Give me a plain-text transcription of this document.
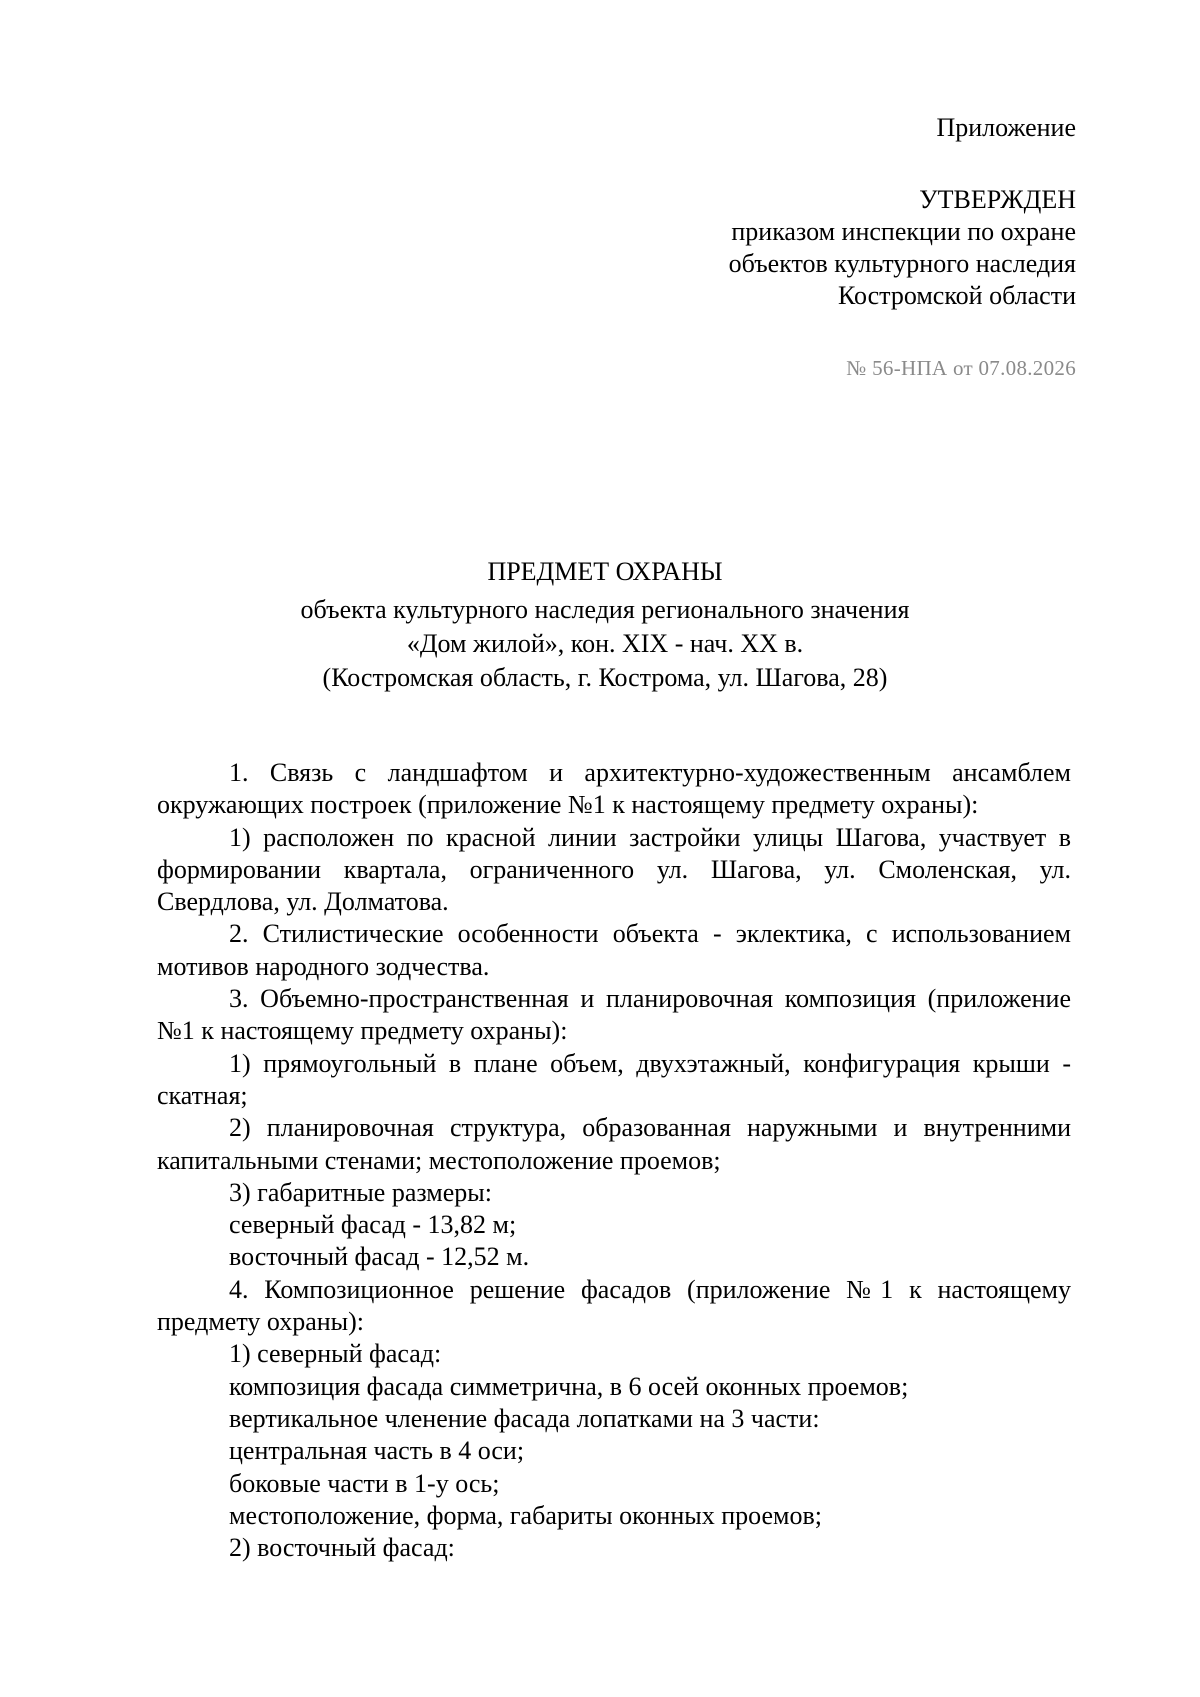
Приложение
УТВЕРЖДЕН
приказом инспекции по охране
объектов культурного наследия
Костромской области
№ 56-НПА от 07.08.2026
ПРЕДМЕТ ОХРАНЫ
объекта культурного наследия регионального значения
«Дом жилой», кон. XIX - нач. XX в.
(Костромская область, г. Кострома, ул. Шагова, 28)

1. Связь с ландшафтом и архитектурно-художественным ансамблем окружающих построек (приложение №1 к настоящему предмету охраны):

1) расположен по красной линии застройки улицы Шагова, участвует в формировании квартала, ограниченного ул. Шагова, ул. Смоленская, ул. Свердлова, ул. Долматова.

2. Стилистические особенности объекта - эклектика, с использованием мотивов народного зодчества.

3. Объемно-пространственная и планировочная композиция (приложение №1 к настоящему предмету охраны):

1) прямоугольный в плане объем, двухэтажный, конфигурация крыши - скатная;

2) планировочная структура, образованная наружными и внутренними капитальными стенами; местоположение проемов;

3) габаритные размеры:

северный фасад - 13,82 м;

восточный фасад - 12,52 м.

4. Композиционное решение фасадов (приложение №1 к настоящему предмету охраны):

1) северный фасад:

композиция фасада симметрична, в 6 осей оконных проемов;

вертикальное членение фасада лопатками на 3 части:

центральная часть в 4 оси;

боковые части в 1-у ось;

местоположение, форма, габариты оконных проемов;

2) восточный фасад:
